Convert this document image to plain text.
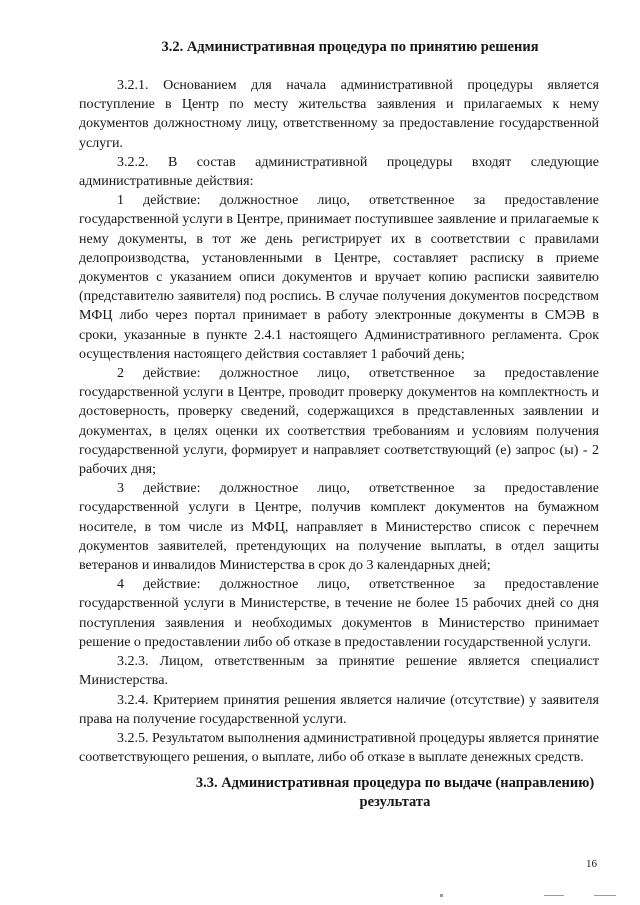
3.2. Административная процедура по принятию решения

3.2.1. Основанием для начала административной процедуры является поступление в Центр по месту жительства заявления и прилагаемых к нему документов должностному лицу, ответственному за предоставление государственной услуги.

3.2.2. В состав административной процедуры входят следующие административные действия:

1 действие: должностное лицо, ответственное за предоставление государственной услуги в Центре, принимает поступившее заявление и прилагаемые к нему документы, в тот же день регистрирует их в соответствии с правилами делопроизводства, установленными в Центре, составляет расписку в приеме документов с указанием описи документов и вручает копию расписки заявителю (представителю заявителя) под роспись. В случае получения документов посредством МФЦ либо через портал принимает в работу электронные документы в СМЭВ в сроки, указанные в пункте 2.4.1 настоящего Административного регламента. Срок осуществления настоящего действия составляет 1 рабочий день;

2 действие: должностное лицо, ответственное за предоставление государственной услуги в Центре, проводит проверку документов на комплектность и достоверность, проверку сведений, содержащихся в представленных заявлении и документах, в целях оценки их соответствия требованиям и условиям получения государственной услуги, формирует и направляет соответствующий (е) запрос (ы) - 2 рабочих дня;

3 действие: должностное лицо, ответственное за предоставление государственной услуги в Центре, получив комплект документов на бумажном носителе, в том числе из МФЦ, направляет в Министерство список с перечнем документов заявителей, претендующих на получение выплаты, в отдел защиты ветеранов и инвалидов Министерства в срок до 3 календарных дней;

4 действие: должностное лицо, ответственное за предоставление государственной услуги в Министерстве, в течение не более 15 рабочих дней со дня поступления заявления и необходимых документов в Министерство принимает решение о предоставлении либо об отказе в предоставлении государственной услуги.

3.2.3. Лицом, ответственным за принятие решение является специалист Министерства.

3.2.4. Критерием принятия решения является наличие (отсутствие) у заявителя права на получение государственной услуги.

3.2.5. Результатом выполнения административной процедуры является принятие соответствующего решения, о выплате, либо об отказе в выплате денежных средств.

3.3. Административная процедура по выдаче (направлению) результата
16
